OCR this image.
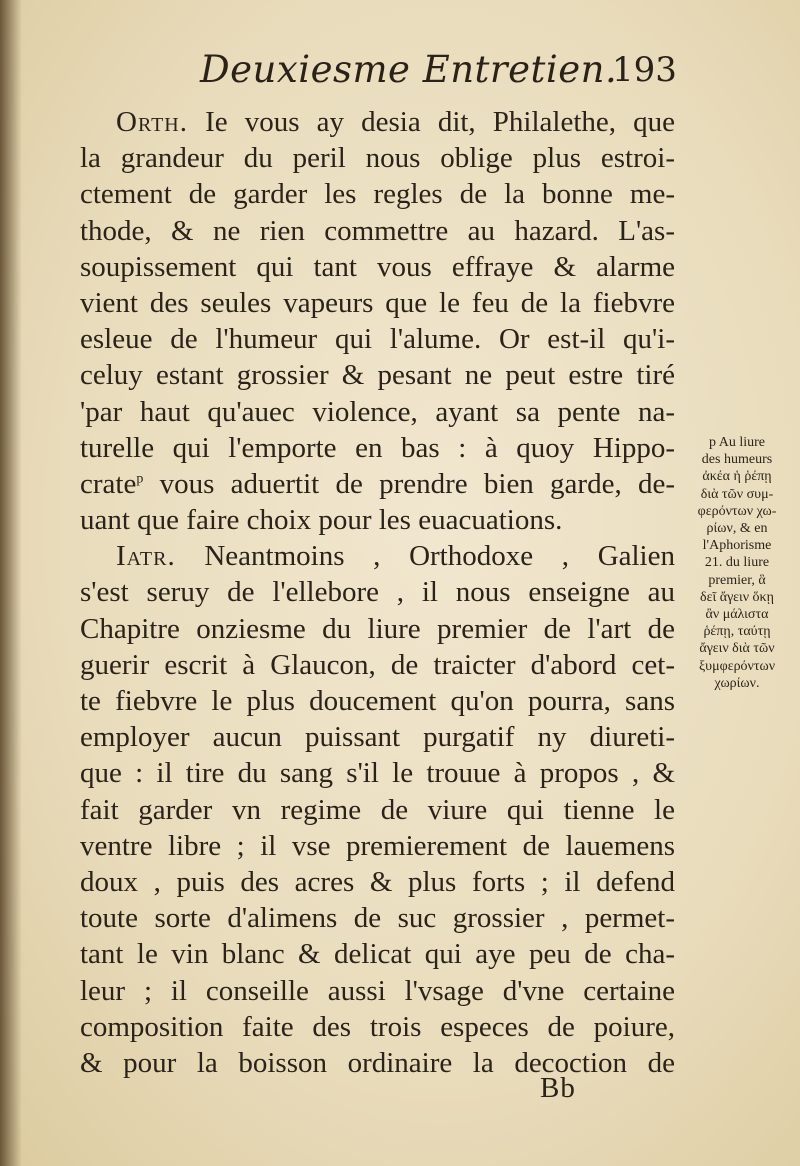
Deuxiesme Entretien.
193
Orth. Ie vous ay desia dit, Philalethe, que
la grandeur du peril nous oblige plus estroi-
ctement de garder les regles de la bonne me-
thode, & ne rien commettre au hazard. L'as-
soupissement qui tant vous effraye & alarme
vient des seules vapeurs que le feu de la fiebvre
esleue de l'humeur qui l'alume. Or est-il qu'i-
celuy estant grossier & pesant ne peut estre tiré
'par haut qu'auec violence, ayant sa pente na-
turelle qui l'emporte en bas : à quoy Hippo-
crate$^p$ vous aduertit de prendre bien garde, de-
uant que faire choix pour les euacuations.
Iatr. Neantmoins , Orthodoxe , Galien
s'est seruy de l'ellebore , il nous enseigne au
Chapitre onziesme du liure premier de l'art de
guerir escrit à Glaucon, de traicter d'abord cet-
te fiebvre le plus doucement qu'on pourra, sans
employer aucun puissant purgatif ny diureti-
que : il tire du sang s'il le trouue à propos , &
fait garder vn regime de viure qui tienne le
ventre libre ; il vse premierement de lauemens
doux , puis des acres & plus forts ; il defend
toute sorte d'alimens de suc grossier , permet-
tant le vin blanc & delicat qui aye peu de cha-
leur ; il conseille aussi l'vsage d'vne certaine
composition faite des trois especes de poiure,
& pour la boisson ordinaire la decoction de
p Au liure
des humeurs
ἀκέα ἡ ῥέπῃ
διὰ τῶν συμ-
φερόντων χω-
ρίων, & en
l'Aphorisme
21. du liure
premier, ἃ
δεῖ ἄγειν ὅκῃ
ἂν μάλιστα
ῥέπῃ, ταύτῃ
ἄγειν διὰ τῶν
ξυμφερόντων
χωρίων.
Bb
